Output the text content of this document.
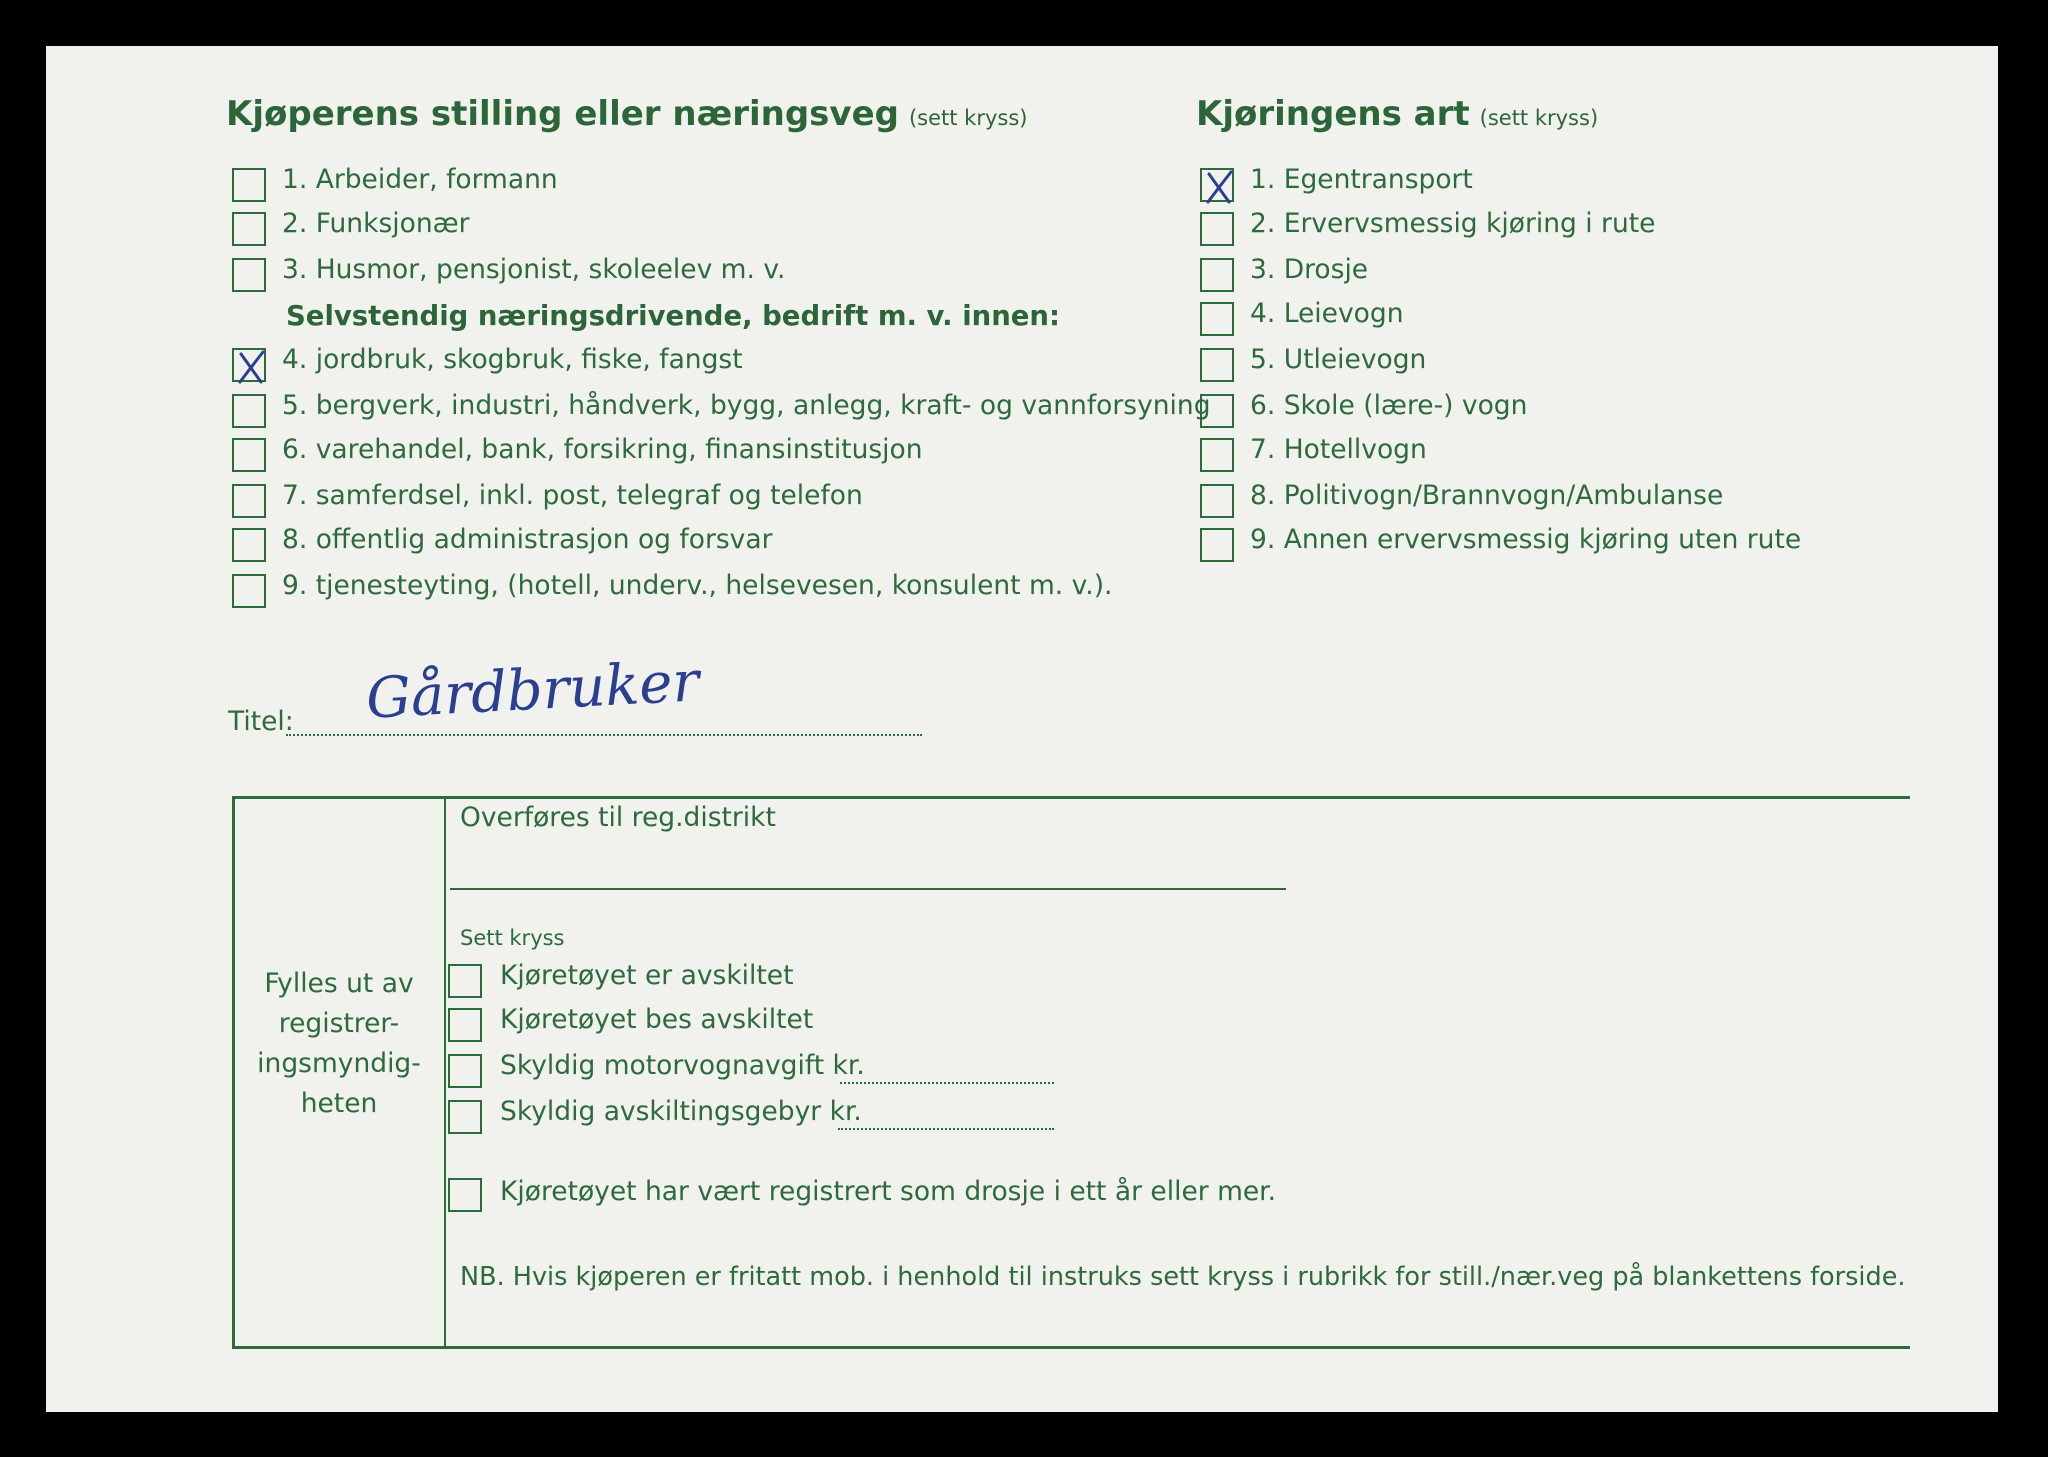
Kjøperens stilling eller næringsveg (sett kryss)	Kjøringens art (sett kryss)
1. Arbeider, formann
2. Funksjonær
3. Husmor, pensjonist, skoleelev m. v.
4. jordbruk, skogbruk, fiske, fangst
5. bergverk, industri, håndverk, bygg, anlegg, kraft- og vannforsyning
6. varehandel, bank, forsikring, finansinstitusjon
7. samferdsel, inkl. post, telegraf og telefon
8. offentlig administrasjon og forsvar
9. tjenesteyting, (hotell, underv., helsevesen, konsulent m. v.).
Selvstendig næringsdrivende, bedrift m. v. innen:
1. Egentransport
2. Ervervsmessig kjøring i rute
3. Drosje
4. Leievogn
5. Utleievogn
6. Skole (lære-) vogn
7. Hotellvogn
8. Politivogn/Brannvogn/Ambulanse
9. Annen ervervsmessig kjøring uten rute
Titel: Gårdbruker
Fylles ut av registrer- ingsmyndig- heten
Overføres til reg.distrikt
Sett kryss
Kjøretøyet er avskiltet
Kjøretøyet bes avskiltet
Skyldig motorvognavgift kr.
Skyldig avskiltingsgebyr kr.
Kjøretøyet har vært registrert som drosje i ett år eller mer.
NB. Hvis kjøperen er fritatt mob. i henhold til instruks sett kryss i rubrikk for still./nær.veg på blankettens forside.
